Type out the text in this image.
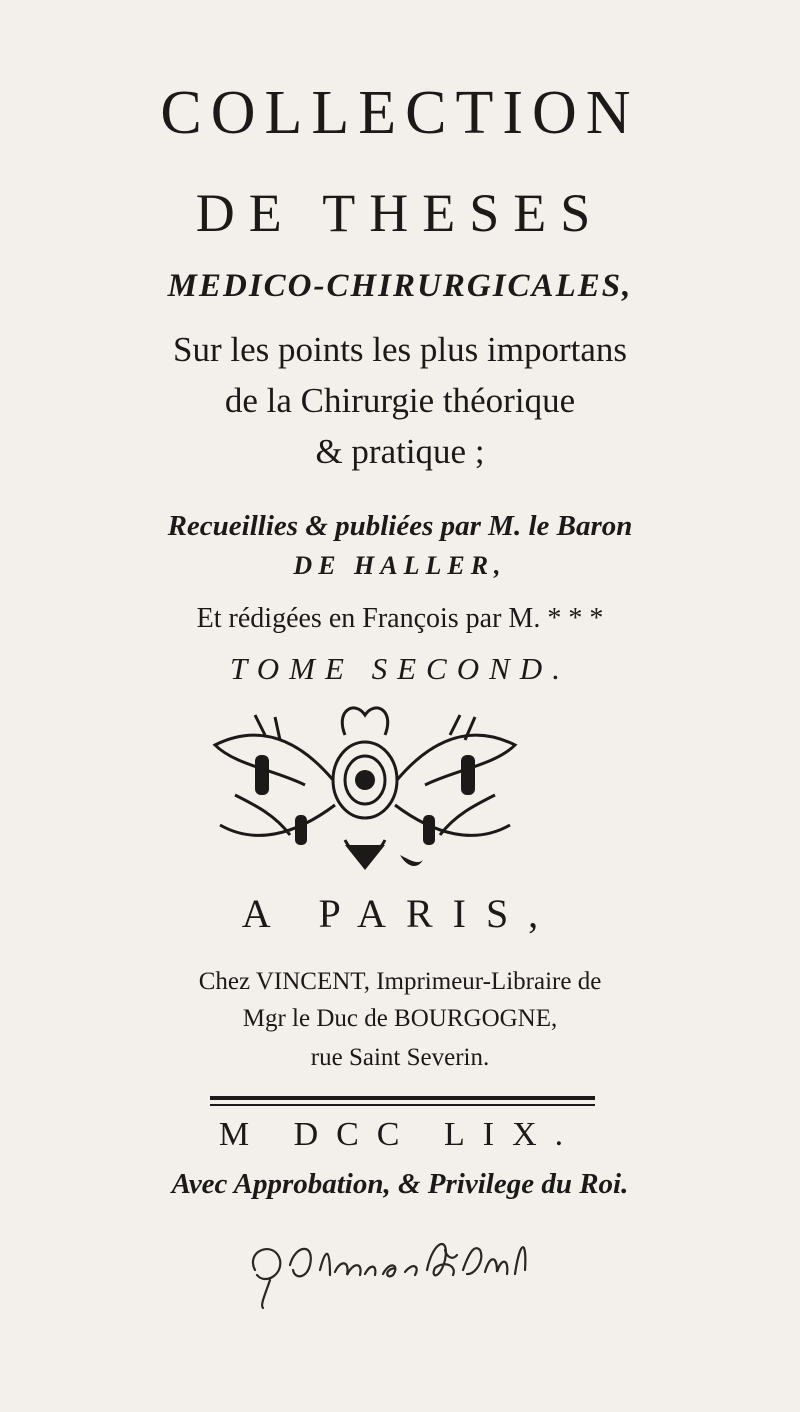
COLLECTION
DE THESES
MEDICO-CHIRURGICALES,
Sur les points les plus importans
de la Chirurgie théorique
& pratique ;
Recueillies & publiées par M. le Baron
DE HALLER,
Et rédigées en François par M. * * *
TOME SECOND.
A PARIS,
Chez VINCENT, Imprimeur-Libraire de
Mgr le Duc de BOURGOGNE,
rue Saint Severin.
M DCC LIX.
Avec Approbation, & Privilege du Roi.
